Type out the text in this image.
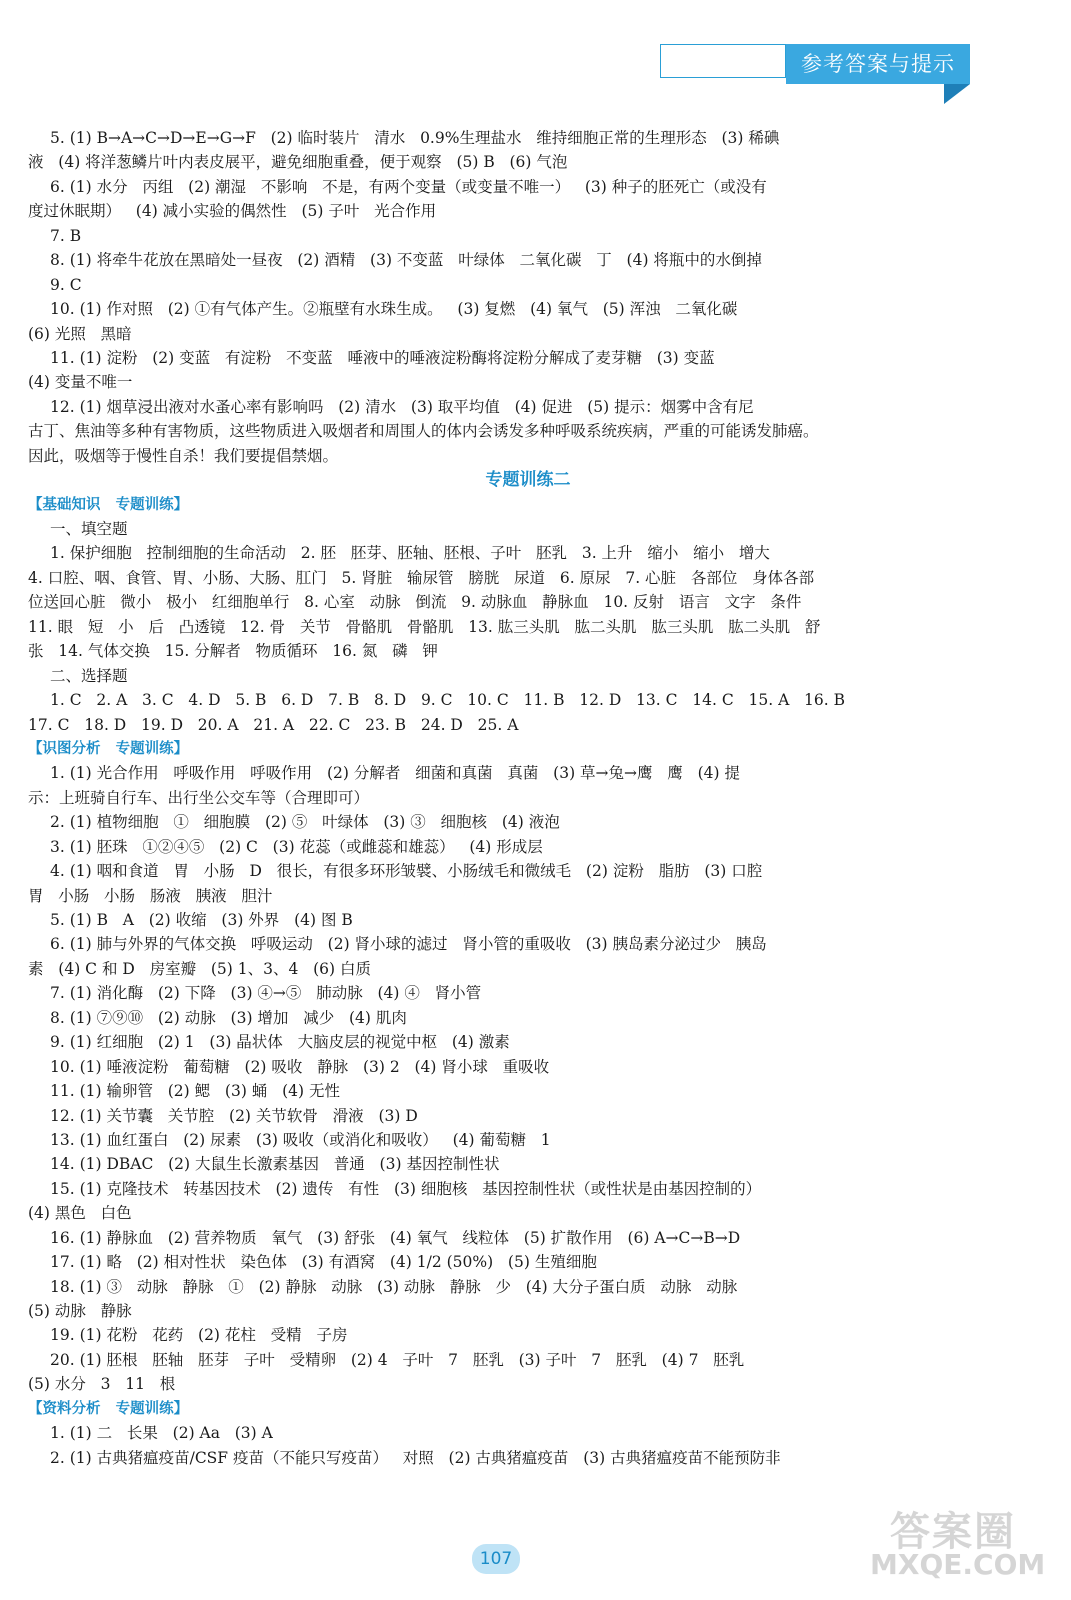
参考答案与提示
5. (1) B→A→C→D→E→G→F   (2) 临时装片   清水   0.9%生理盐水   维持细胞正常的生理形态   (3) 稀碘
液   (4) 将洋葱鳞片叶内表皮展平，避免细胞重叠，便于观察   (5) B   (6) 气泡
6. (1) 水分   丙组   (2) 潮湿   不影响   不是，有两个变量（或变量不唯一）   (3) 种子的胚死亡（或没有
度过休眠期）   (4) 减小实验的偶然性   (5) 子叶   光合作用
7. B
8. (1) 将牵牛花放在黑暗处一昼夜   (2) 酒精   (3) 不变蓝   叶绿体   二氧化碳   丁   (4) 将瓶中的水倒掉
9. C
10. (1) 作对照   (2) ①有气体产生。②瓶壁有水珠生成。   (3) 复燃   (4) 氧气   (5) 浑浊   二氧化碳
(6) 光照   黑暗
11. (1) 淀粉   (2) 变蓝   有淀粉   不变蓝   唾液中的唾液淀粉酶将淀粉分解成了麦芽糖   (3) 变蓝
(4) 变量不唯一
12. (1) 烟草浸出液对水蚤心率有影响吗   (2) 清水   (3) 取平均值   (4) 促进   (5) 提示：烟雾中含有尼
古丁、焦油等多种有害物质，这些物质进入吸烟者和周围人的体内会诱发多种呼吸系统疾病，严重的可能诱发肺癌。
因此，吸烟等于慢性自杀！我们要提倡禁烟。
专题训练二
【基础知识   专题训练】
一、填空题
1. 保护细胞   控制细胞的生命活动   2. 胚   胚芽、胚轴、胚根、子叶   胚乳   3. 上升   缩小   缩小   增大
4. 口腔、咽、食管、胃、小肠、大肠、肛门   5. 肾脏   输尿管   膀胱   尿道   6. 原尿   7. 心脏   各部位   身体各部
位送回心脏   微小   极小   红细胞单行   8. 心室   动脉   倒流   9. 动脉血   静脉血   10. 反射   语言   文字   条件
11. 眼   短   小   后   凸透镜   12. 骨   关节   骨骼肌   骨骼肌   13. 肱三头肌   肱二头肌   肱三头肌   肱二头肌   舒
张   14. 气体交换   15. 分解者   物质循环   16. 氮   磷   钾
二、选择题
1. C   2. A   3. C   4. D   5. B   6. D   7. B   8. D   9. C   10. C   11. B   12. D   13. C   14. C   15. A   16. B
17. C   18. D   19. D   20. A   21. A   22. C   23. B   24. D   25. A
【识图分析   专题训练】
1. (1) 光合作用   呼吸作用   呼吸作用   (2) 分解者   细菌和真菌   真菌   (3) 草→兔→鹰   鹰   (4) 提
示：上班骑自行车、出行坐公交车等（合理即可）
2. (1) 植物细胞   ①   细胞膜   (2) ⑤   叶绿体   (3) ③   细胞核   (4) 液泡
3. (1) 胚珠   ①②④⑤   (2) C   (3) 花蕊（或雌蕊和雄蕊）   (4) 形成层
4. (1) 咽和食道   胃   小肠   D   很长，有很多环形皱襞、小肠绒毛和微绒毛   (2) 淀粉   脂肪   (3) 口腔
胃   小肠   小肠   肠液   胰液   胆汁
5. (1) B   A   (2) 收缩   (3) 外界   (4) 图 B
6. (1) 肺与外界的气体交换   呼吸运动   (2) 肾小球的滤过   肾小管的重吸收   (3) 胰岛素分泌过少   胰岛
素   (4) C 和 D   房室瓣   (5) 1、3、4   (6) 白质
7. (1) 消化酶   (2) 下降   (3) ④→⑤   肺动脉   (4) ④   肾小管
8. (1) ⑦⑨⑩   (2) 动脉   (3) 增加   减少   (4) 肌肉
9. (1) 红细胞   (2) 1   (3) 晶状体   大脑皮层的视觉中枢   (4) 激素
10. (1) 唾液淀粉   葡萄糖   (2) 吸收   静脉   (3) 2   (4) 肾小球   重吸收
11. (1) 输卵管   (2) 鳃   (3) 蛹   (4) 无性
12. (1) 关节囊   关节腔   (2) 关节软骨   滑液   (3) D
13. (1) 血红蛋白   (2) 尿素   (3) 吸收（或消化和吸收）   (4) 葡萄糖   1
14. (1) DBAC   (2) 大鼠生长激素基因   普通   (3) 基因控制性状
15. (1) 克隆技术   转基因技术   (2) 遗传   有性   (3) 细胞核   基因控制性状（或性状是由基因控制的）
(4) 黑色   白色
16. (1) 静脉血   (2) 营养物质   氧气   (3) 舒张   (4) 氧气   线粒体   (5) 扩散作用   (6) A→C→B→D
17. (1) 略   (2) 相对性状   染色体   (3) 有酒窝   (4) 1/2 (50%)   (5) 生殖细胞
18. (1) ③   动脉   静脉   ①   (2) 静脉   动脉   (3) 动脉   静脉   少   (4) 大分子蛋白质   动脉   动脉
(5) 动脉   静脉
19. (1) 花粉   花药   (2) 花柱   受精   子房
20. (1) 胚根   胚轴   胚芽   子叶   受精卵   (2) 4   子叶   7   胚乳   (3) 子叶   7   胚乳   (4) 7   胚乳
(5) 水分   3   11   根
【资料分析   专题训练】
1. (1) 二   长果   (2) Aa   (3) A
2. (1) 古典猪瘟疫苗/CSF 疫苗（不能只写疫苗）   对照   (2) 古典猪瘟疫苗   (3) 古典猪瘟疫苗不能预防非
107
答案圈
MXQE.COM
